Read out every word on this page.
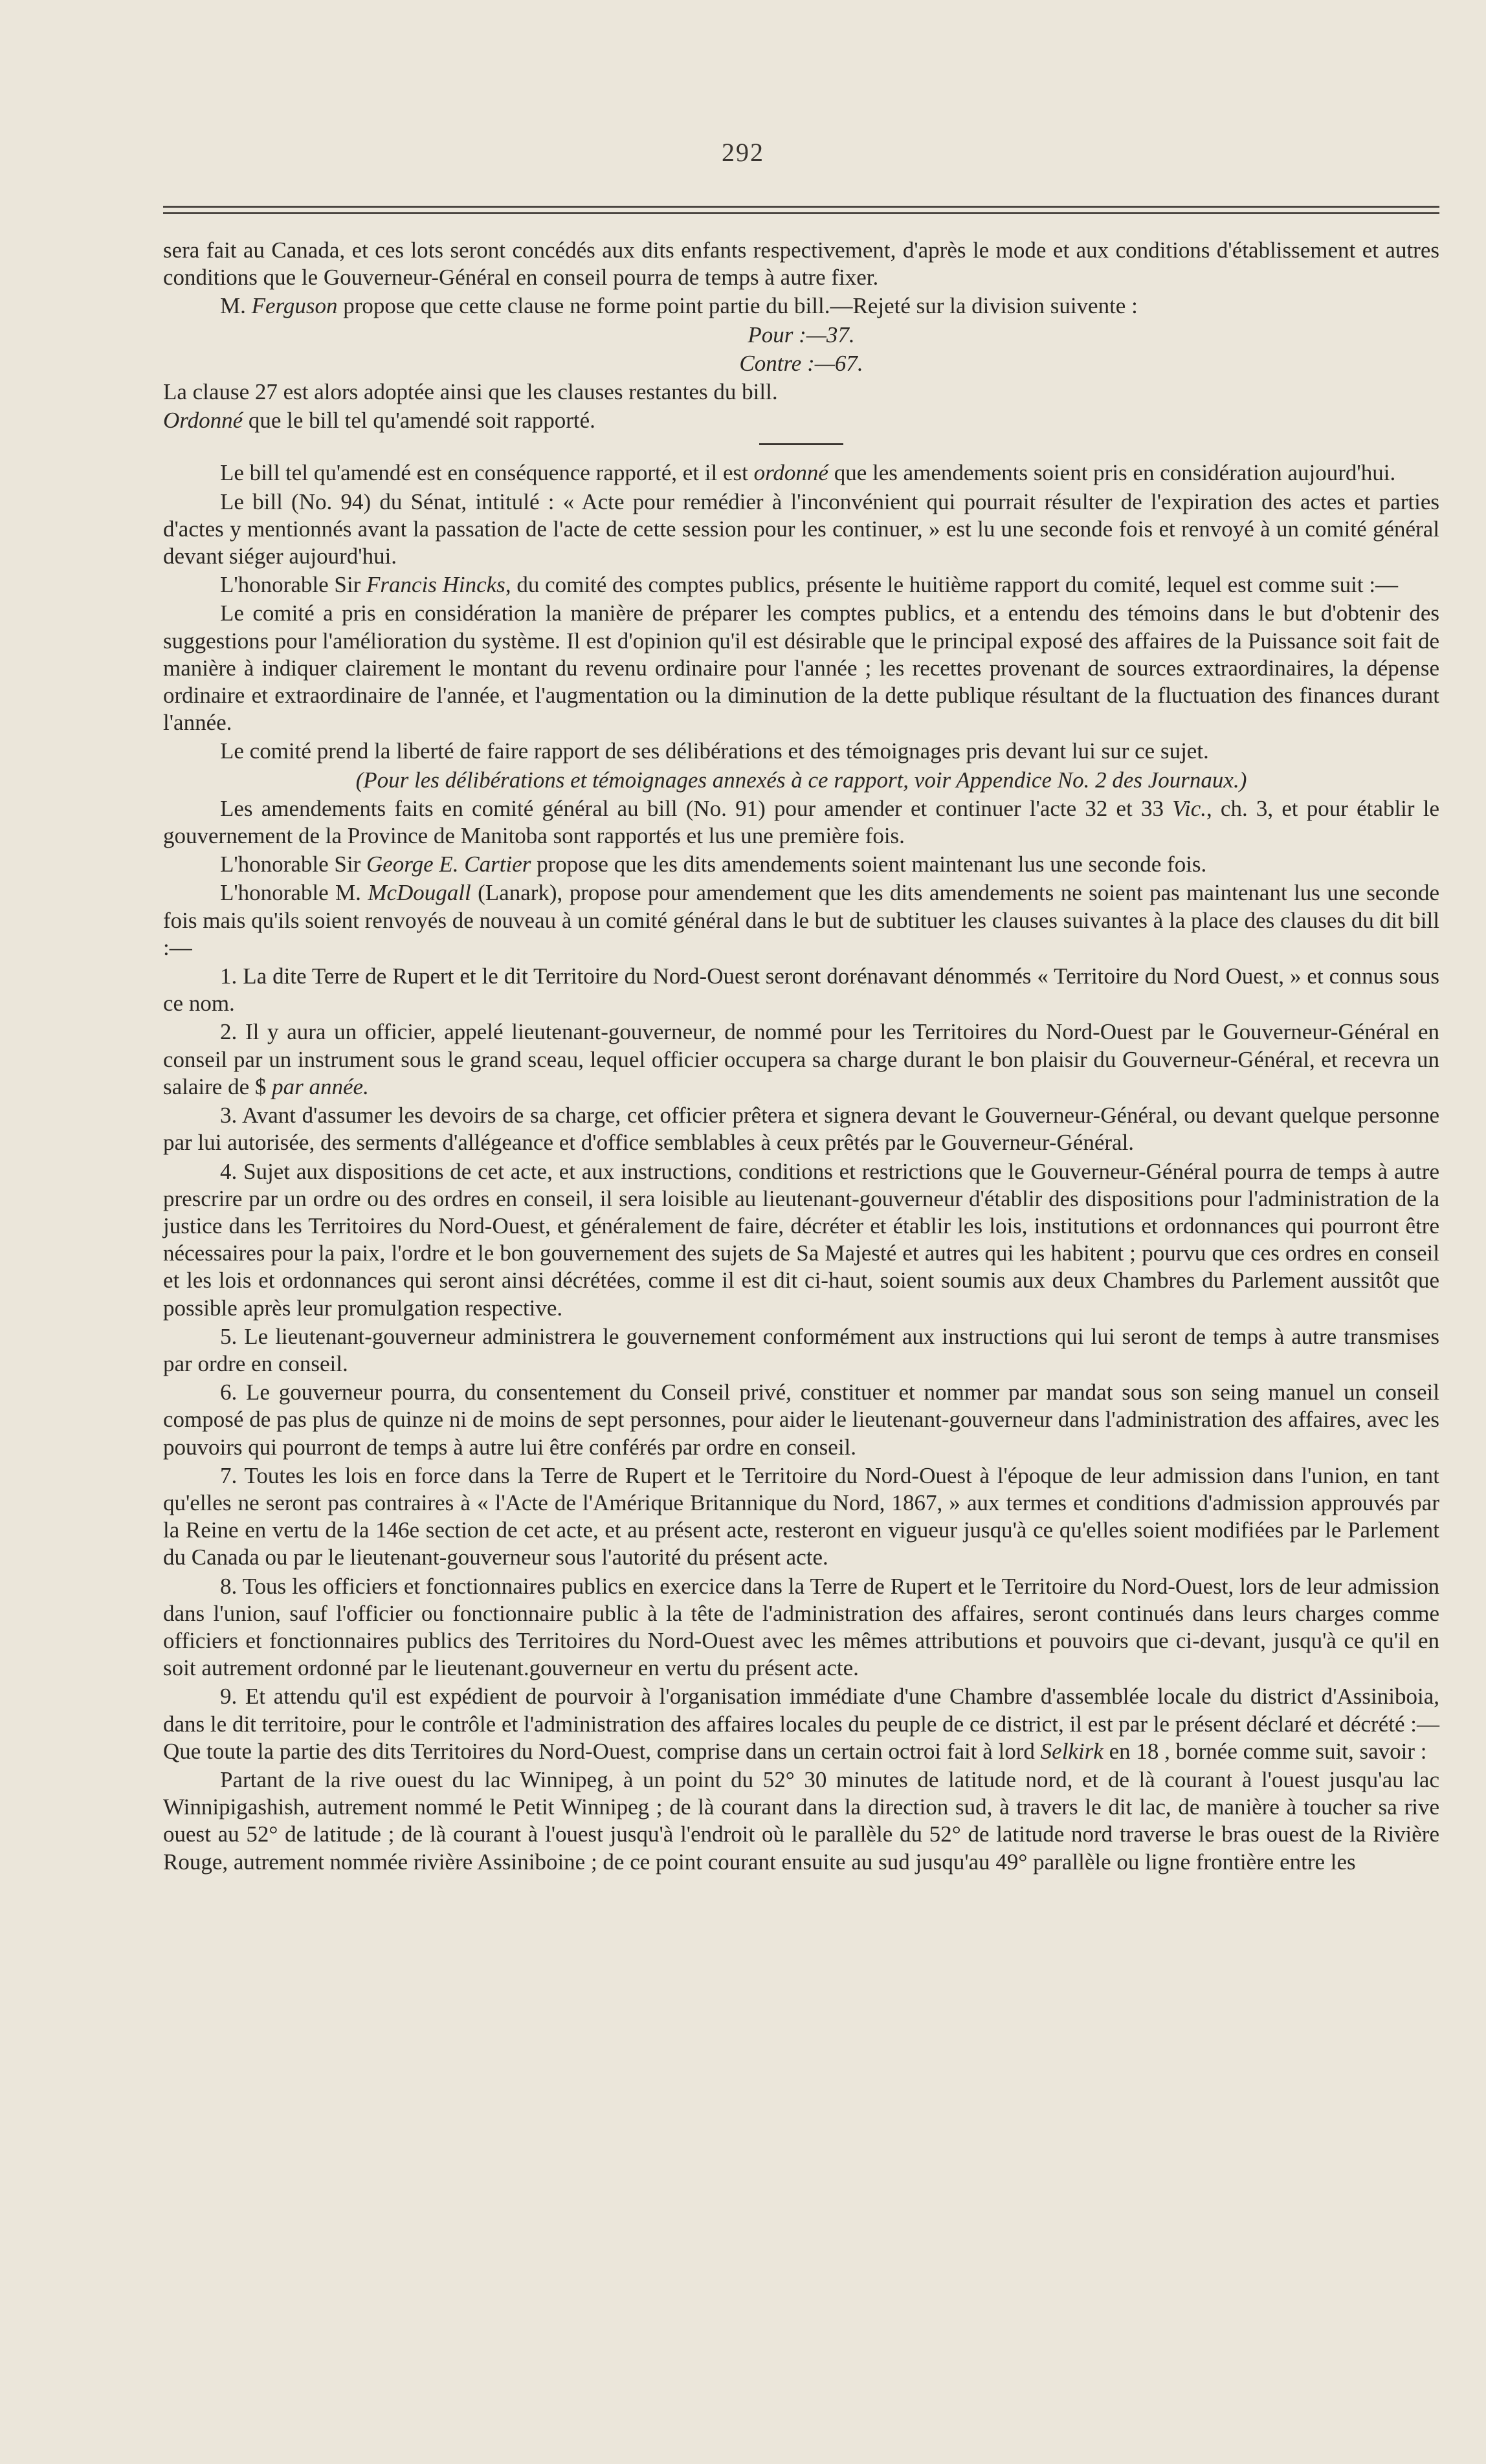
292

sera fait au Canada, et ces lots seront concédés aux dits enfants respectivement, d'après le mode et aux conditions d'établissement et autres conditions que le Gouverneur-Général en conseil pourra de temps à autre fixer.

M. Ferguson propose que cette clause ne forme point partie du bill.—Rejeté sur la division suivente :

Pour :—37.

Contre :—67.

La clause 27 est alors adoptée ainsi que les clauses restantes du bill.

Ordonné que le bill tel qu'amendé soit rapporté.

Le bill tel qu'amendé est en conséquence rapporté, et il est ordonné que les amendements soient pris en considération aujourd'hui.

Le bill (No. 94) du Sénat, intitulé : « Acte pour remédier à l'inconvénient qui pourrait résulter de l'expiration des actes et parties d'actes y mentionnés avant la passation de l'acte de cette session pour les continuer, » est lu une seconde fois et renvoyé à un comité général devant siéger aujourd'hui.

L'honorable Sir Francis Hincks, du comité des comptes publics, présente le huitième rapport du comité, lequel est comme suit :—

Le comité a pris en considération la manière de préparer les comptes publics, et a entendu des témoins dans le but d'obtenir des suggestions pour l'amélioration du système. Il est d'opinion qu'il est désirable que le principal exposé des affaires de la Puissance soit fait de manière à indiquer clairement le montant du revenu ordinaire pour l'année ; les recettes provenant de sources extraordinaires, la dépense ordinaire et extraordinaire de l'année, et l'augmentation ou la diminution de la dette publique résultant de la fluctuation des finances durant l'année.

Le comité prend la liberté de faire rapport de ses délibérations et des témoignages pris devant lui sur ce sujet.

(Pour les délibérations et témoignages annexés à ce rapport, voir Appendice No. 2 des Journaux.)

Les amendements faits en comité général au bill (No. 91) pour amender et continuer l'acte 32 et 33 Vic., ch. 3, et pour établir le gouvernement de la Province de Manitoba sont rapportés et lus une première fois.

L'honorable Sir George E. Cartier propose que les dits amendements soient maintenant lus une seconde fois.

L'honorable M. McDougall (Lanark), propose pour amendement que les dits amendements ne soient pas maintenant lus une seconde fois mais qu'ils soient renvoyés de nouveau à un comité général dans le but de subtituer les clauses suivantes à la place des clauses du dit bill :—

1. La dite Terre de Rupert et le dit Territoire du Nord-Ouest seront dorénavant dénommés « Territoire du Nord Ouest, » et connus sous ce nom.

2. Il y aura un officier, appelé lieutenant-gouverneur, de nommé pour les Territoires du Nord-Ouest par le Gouverneur-Général en conseil par un instrument sous le grand sceau, lequel officier occupera sa charge durant le bon plaisir du Gouverneur-Général, et recevra un salaire de $ par année.

3. Avant d'assumer les devoirs de sa charge, cet officier prêtera et signera devant le Gouverneur-Général, ou devant quelque personne par lui autorisée, des serments d'allégeance et d'office semblables à ceux prêtés par le Gouverneur-Général.

4. Sujet aux dispositions de cet acte, et aux instructions, conditions et restrictions que le Gouverneur-Général pourra de temps à autre prescrire par un ordre ou des ordres en conseil, il sera loisible au lieutenant-gouverneur d'établir des dispositions pour l'administration de la justice dans les Territoires du Nord-Ouest, et généralement de faire, décréter et établir les lois, institutions et ordonnances qui pourront être nécessaires pour la paix, l'ordre et le bon gouvernement des sujets de Sa Majesté et autres qui les habitent ; pourvu que ces ordres en conseil et les lois et ordonnances qui seront ainsi décrétées, comme il est dit ci-haut, soient soumis aux deux Chambres du Parlement aussitôt que possible après leur promulgation respective.

5. Le lieutenant-gouverneur administrera le gouvernement conformément aux instructions qui lui seront de temps à autre transmises par ordre en conseil.

6. Le gouverneur pourra, du consentement du Conseil privé, constituer et nommer par mandat sous son seing manuel un conseil composé de pas plus de quinze ni de moins de sept personnes, pour aider le lieutenant-gouverneur dans l'administration des affaires, avec les pouvoirs qui pourront de temps à autre lui être conférés par ordre en conseil.

7. Toutes les lois en force dans la Terre de Rupert et le Territoire du Nord-Ouest à l'époque de leur admission dans l'union, en tant qu'elles ne seront pas contraires à « l'Acte de l'Amérique Britannique du Nord, 1867, » aux termes et conditions d'admission approuvés par la Reine en vertu de la 146e section de cet acte, et au présent acte, resteront en vigueur jusqu'à ce qu'elles soient modifiées par le Parlement du Canada ou par le lieutenant-gouverneur sous l'autorité du présent acte.

8. Tous les officiers et fonctionnaires publics en exercice dans la Terre de Rupert et le Territoire du Nord-Ouest, lors de leur admission dans l'union, sauf l'officier ou fonctionnaire public à la tête de l'administration des affaires, seront continués dans leurs charges comme officiers et fonctionnaires publics des Territoires du Nord-Ouest avec les mêmes attributions et pouvoirs que ci-devant, jusqu'à ce qu'il en soit autrement ordonné par le lieutenant.gouverneur en vertu du présent acte.

9. Et attendu qu'il est expédient de pourvoir à l'organisation immédiate d'une Chambre d'assemblée locale du district d'Assiniboia, dans le dit territoire, pour le contrôle et l'administration des affaires locales du peuple de ce district, il est par le présent déclaré et décrété :—Que toute la partie des dits Territoires du Nord-Ouest, comprise dans un certain octroi fait à lord Selkirk en 18 , bornée comme suit, savoir :

Partant de la rive ouest du lac Winnipeg, à un point du 52° 30 minutes de latitude nord, et de là courant à l'ouest jusqu'au lac Winnipigashish, autrement nommé le Petit Winnipeg ; de là courant dans la direction sud, à travers le dit lac, de manière à toucher sa rive ouest au 52° de latitude ; de là courant à l'ouest jusqu'à l'endroit où le parallèle du 52° de latitude nord traverse le bras ouest de la Rivière Rouge, autrement nommée rivière Assiniboine ; de ce point courant ensuite au sud jusqu'au 49° parallèle ou ligne frontière entre les
